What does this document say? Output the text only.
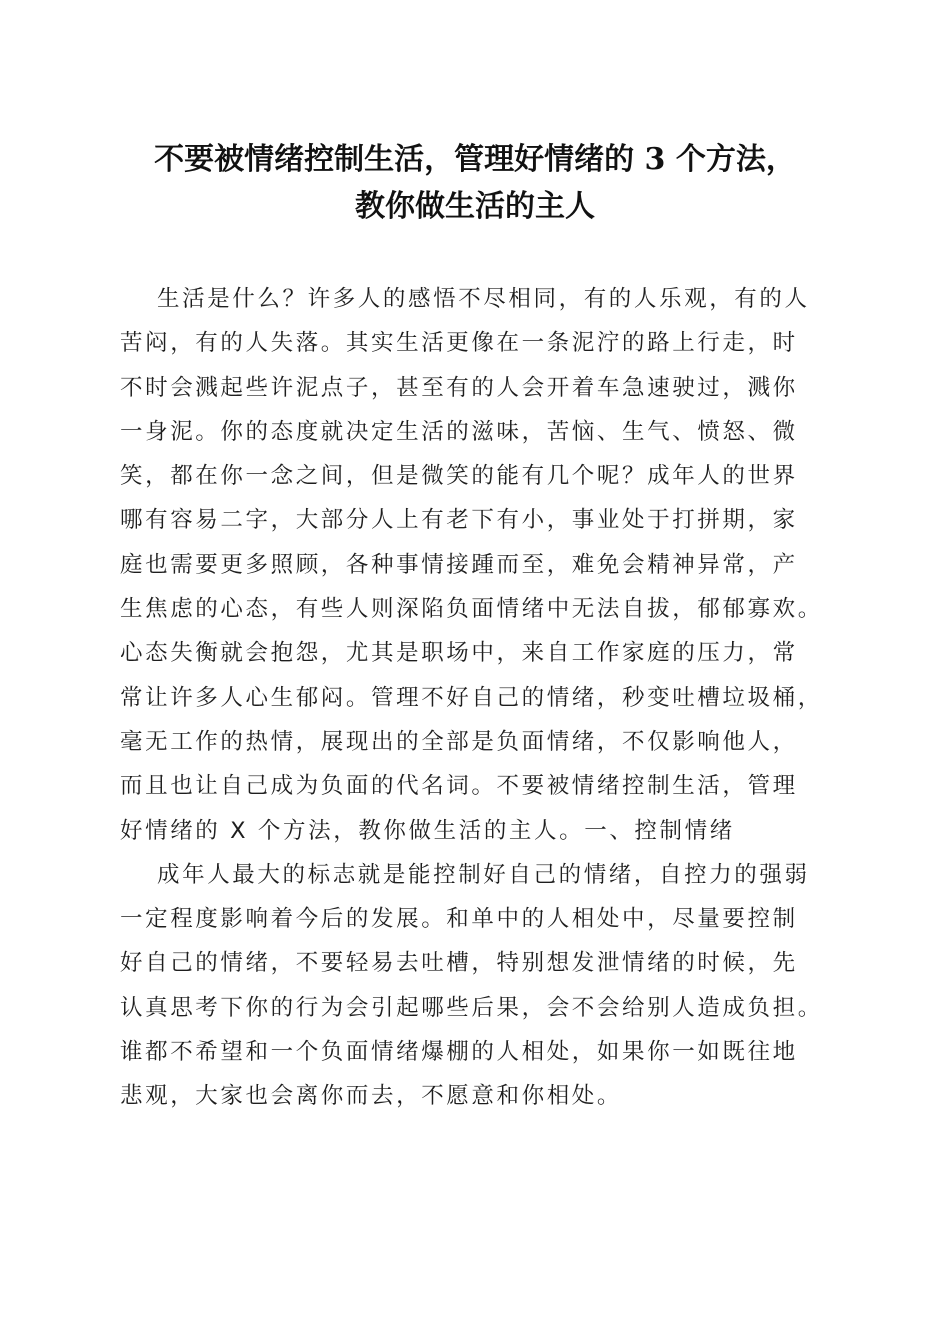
不要被情绪控制生活，管理好情绪的 3 个方法，
教你做生活的主人
生活是什么？许多人的感悟不尽相同，有的人乐观，有的人
苦闷，有的人失落。其实生活更像在一条泥泞的路上行走，时
不时会溅起些许泥点子，甚至有的人会开着车急速驶过，溅你
一身泥。你的态度就决定生活的滋味，苦恼、生气、愤怒、微
笑，都在你一念之间，但是微笑的能有几个呢？成年人的世界
哪有容易二字，大部分人上有老下有小，事业处于打拼期，家
庭也需要更多照顾，各种事情接踵而至，难免会精神异常，产
生焦虑的心态，有些人则深陷负面情绪中无法自拔，郁郁寡欢。
心态失衡就会抱怨，尤其是职场中，来自工作家庭的压力，常
常让许多人心生郁闷。管理不好自己的情绪，秒变吐槽垃圾桶，
毫无工作的热情，展现出的全部是负面情绪，不仅影响他人，
而且也让自己成为负面的代名词。不要被情绪控制生活，管理
好情绪的 X 个方法，教你做生活的主人。一、控制情绪
成年人最大的标志就是能控制好自己的情绪，自控力的强弱
一定程度影响着今后的发展。和单中的人相处中，尽量要控制
好自己的情绪，不要轻易去吐槽，特别想发泄情绪的时候，先
认真思考下你的行为会引起哪些后果，会不会给别人造成负担。
谁都不希望和一个负面情绪爆棚的人相处，如果你一如既往地
悲观，大家也会离你而去，不愿意和你相处。
